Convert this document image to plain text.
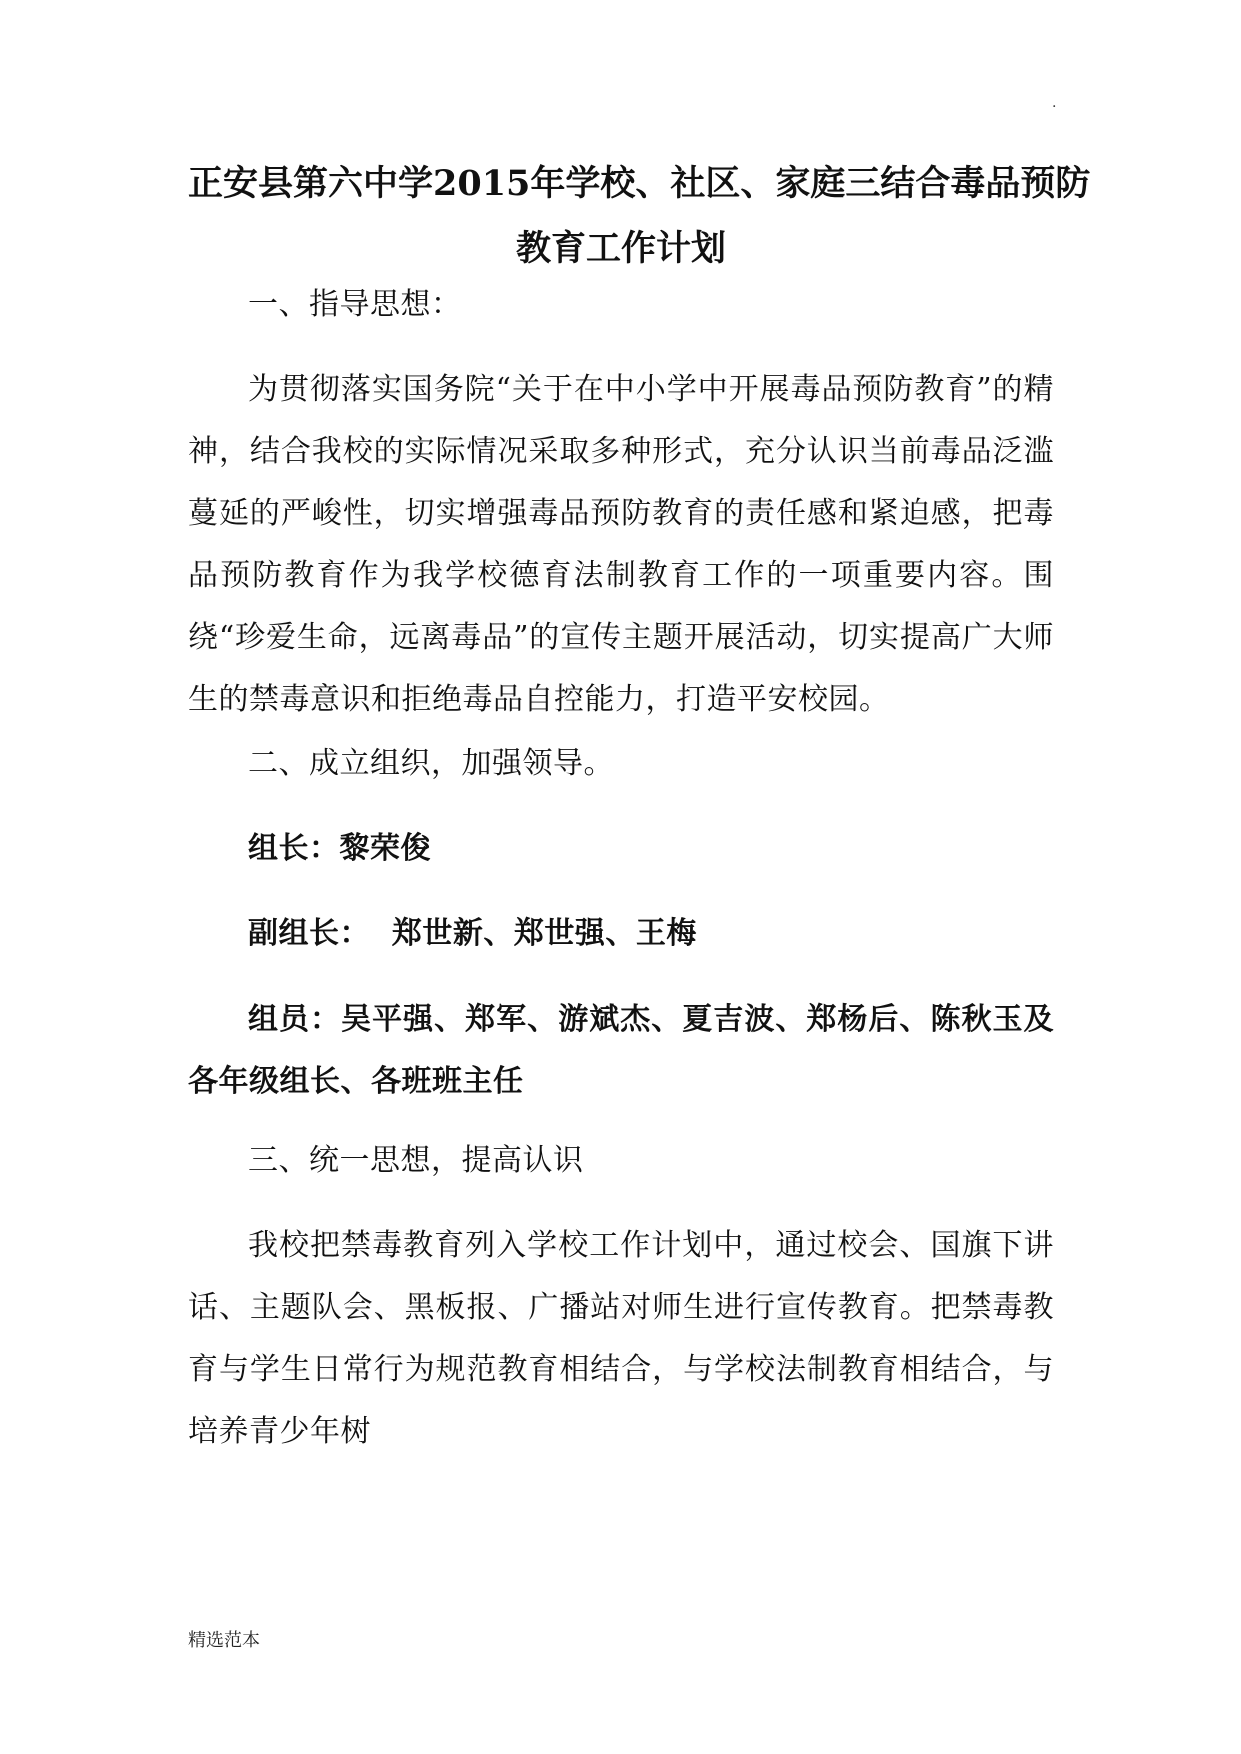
.
正安县第六中学2015年学校、社区、家庭三结合毒品预防
教育工作计划

一、指导思想：

为贯彻落实国务院“关于在中小学中开展毒品预防教育”的精神，结合我校的实际情况采取多种形式，充分认识当前毒品泛滥蔓延的严峻性，切实增强毒品预防教育的责任感和紧迫感，把毒品预防教育作为我学校德育法制教育工作的一项重要内容。围绕“珍爱生命，远离毒品”的宣传主题开展活动，切实提高广大师生的禁毒意识和拒绝毒品自控能力，打造平安校园。

二、成立组织，加强领导。

组长：黎荣俊

副组长：  郑世新、郑世强、王梅

组员：吴平强、郑军、游斌杰、夏吉波、郑杨后、陈秋玉及各年级组长、各班班主任

三、统一思想，提高认识

我校把禁毒教育列入学校工作计划中，通过校会、国旗下讲话、主题队会、黑板报、广播站对师生进行宣传教育。把禁毒教育与学生日常行为规范教育相结合，与学校法制教育相结合，与培养青少年树

精选范本
